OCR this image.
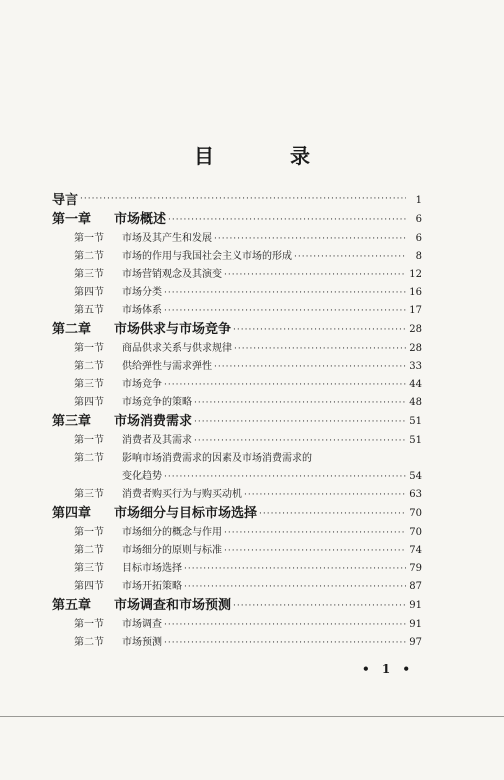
目　录
导言 ·····	1
第一章	市场概述 ·····	6
第一节	市场及其产生和发展 ·····	6
第二节	市场的作用与我国社会主义市场的形成 ·····	8
第三节	市场营销观念及其演变 ·····	12
第四节	市场分类 ·····	16
第五节	市场体系 ·····	17
第二章	市场供求与市场竞争 ·····	28
第一节	商品供求关系与供求规律 ·····	28
第二节	供给弹性与需求弹性 ·····	33
第三节	市场竞争 ·····	44
第四节	市场竞争的策略 ·····	48
第三章	市场消费需求 ·····	51
第一节	消费者及其需求 ·····	51
第二节	影响市场消费需求的因素及市场消费需求的
变化趋势 ·····	54
第三节	消费者购买行为与购买动机 ·····	63
第四章	市场细分与目标市场选择 ·····	70
第一节	市场细分的概念与作用 ·····	70
第二节	市场细分的原则与标准 ·····	74
第三节	目标市场选择 ·····	79
第四节	市场开拓策略 ·····	87
第五章	市场调查和市场预测 ·····	91
第一节	市场调查 ·····	91
第二节	市场预测 ·····	97
• 1 •
